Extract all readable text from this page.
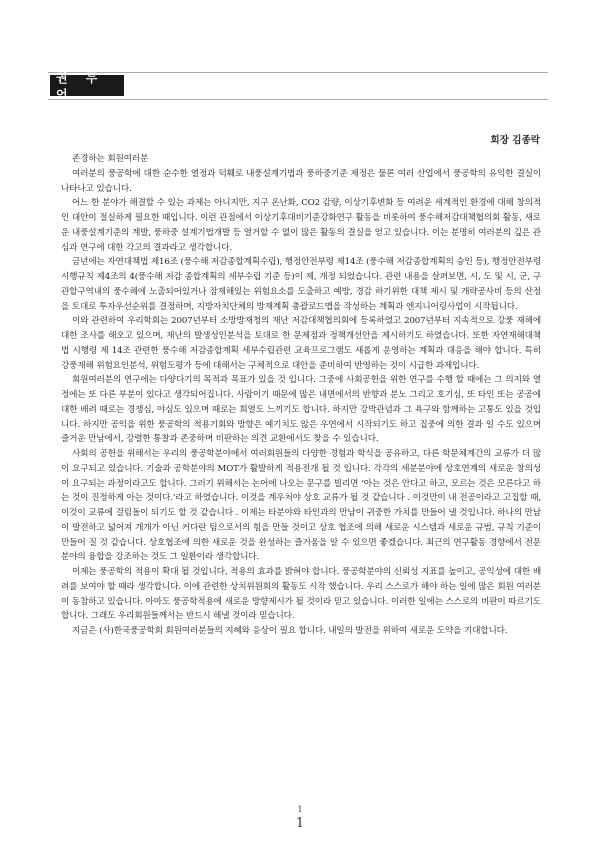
권 두 언
회장 김종락

존경하는 회원여러분

여러분의 풍공학에 대한 순수한 열정과 덕훼로 내풍설계기법과 풍하중기준 제정은 물론 여러 산업에서 풍공학의 유익한 결실이 나타나고 있습니다.

어느 한 분야가 해결할 수 있는 과제는 아니지만, 지구 온난화, CO2 감량, 이상기후변화 등 여려운 세계적인 환경에 대해 창의적인 대안이 절실하게 필요한 때입니다. 이런 관점에서 이상기후대비기준강화연구 활동을 비롯하여 풍수해저감대책협의회 활동, 새로운 내풍설계기준의 계발, 풍하중 설계기법개발 등 열거할 수 없이 많은 활동의 결실을 얻고 있습니다. 이는 분명히 여러분의 깊은 관심과 연구에 대한 각고의 결과라고 생각합니다.

금년에는 자연대책법 제16조 (풍수해 저감종합계획수립), 행정안전부령 제14조 (풍수해 저감종합계획의 승인 등), 행정안전부령 시행규칙 제4조의 4(풍수해 저감 종합계획의 세부수립 기준 등)이 제, 개정 되었습니다. 관련 내용을 살펴보면, 시, 도 및 시, 군, 구 관할구역내의 풍수해에 노출되어있거나 잠재해있는 위험요소를 도출하고 예방, 경감 하기위한 대책 제시 및 개략공사비 등의 산정을 토대로 투자우선순위를 결정하며, 지방자치단체의 방재계획 총괄로드맵을 작성하는 계획과 엔지니어링사업이 시작됩니다.

이와 관련하여 우리학회는 2007년부터 소방방재청의 재난 저감대책협의회에 등록하였고 2007년부터 지속적으로 강풍 재해에 대한 조사를 해오고 있으며, 재난의 발생성인분석을 토대로 한 문제점과 정책개선안을 제시하기도 하였습니다. 또한 자연재해대책법 시행령 제 14조 관련한 풍수해 저감종합계획 세부수립관련 교육프로그램도 새롭게 운영하는 계획과 대응을 해야 합니다. 특히 강풍재해 위험요인분석, 위험도평가 등에 대해서는 구체적으로 대안을 준비하여 반영하는 것이 시급한 과제입니다.

회원여러분의 연구에는 다양다기의 목적과 목표가 있을 것 입니다. 그중에 사회공헌을 위한 연구를 수행 할 때에는 그 의지와 열정에는 또 다른 부분이 있다고 생각되어집니다. 사람이기 때문에 많은 내면에서의 반향과 분노 그리고 호기심, 또 타인 또는 공공에 대한 배려 때로는 경쟁심, 야심도 있으며 때로는 희열도 느끼기도 합니다. 하지만 강박관념과 그 욕구와 함께하는 고통도 있을 것입니다. 하지만 공익을 위한 풍공학의 적용기회와 방향은 예기치도 않은 우연에서 시작되기도 하고 집중에 의한 결과 일 수도 있으며 즐거운 만남에서, 강렬한 통찰과 존중하며 비판하는 의견 교환에서도 찾을 수 있습니다.

사회의 공헌을 위해서는 우리의 풍공학분야에서 여러회원들의 다양한 경험과 학식을 공유하고, 다른 학문체계간의 교류가 더 많이 요구되고 있습니다. 기술과 공학분야의 MOT가 활발하게 적용전개 될 것 입니다. 각각의 세분분야에 상호연계의 새로운 창의성이 요구되는 과정이라고도 합니다. 그러기 위해서는 논어에 나오는 문구를 빌리면 ‘아는 것은 안다고 하고, 모르는 것은 모른다고 하는 것이 진정하게 아는 것이다.’라고 하였습니다. 이것을 계우처야 상호 교류가 될 것 같습니다 . 이것만이 내 전공이라고 고집할 때, 이것이 교류에 걸림돌이 되기도 할 것 같습니다 . 이제는 타분야와 타인과의 만남이 귀중한 가치를 만들어 낼 것입니다. 하나의 만남이 발전하고 넓어져 개개가 아닌 커다란 팀으로서의 힘을 만들 것이고 상호 협조에 의해 새로운 시스템과 새로운 규범, 규칙 기준이 만들어 질 것 같습니다. 상호협조에 의한 새로운 것을 완성하는 즐거움을 알 수 있으면 좋겠습니다. 최근의 연구활동 경향에서 전문분야의 융합을 강조하는 것도 그 일환이라 생각합니다.

이제는 풍공학의 적용이 확대 될 것입니다, 적용의 효과를 밝혀야 합니다. 풍공학분야의 신뢰성 지표를 높이고, 공익성에 대한 배려를 보여야 할 때라 생각합니다. 이에 관련한 상치위원회의 활동도 시작 했습니다. 우리 스스로가 해야 하는 일에 많은 회원 여러분이 동참하고 있습니다. 아마도 풍공학적용에 새로운 방향제시가 될 것이라 믿고 있습니다. 이러한 일에는 스스로의 비판이 따르기도 합니다. 그래도 우리회원들께서는 반드시 해낼 것이라 믿습니다.

지금은 (사)한국풍공학회 회원여러분들의 지혜와 응상이 필요 합니다. 내일의 발전을 위하여 새로운 도약을 기대합니다.

1
1
